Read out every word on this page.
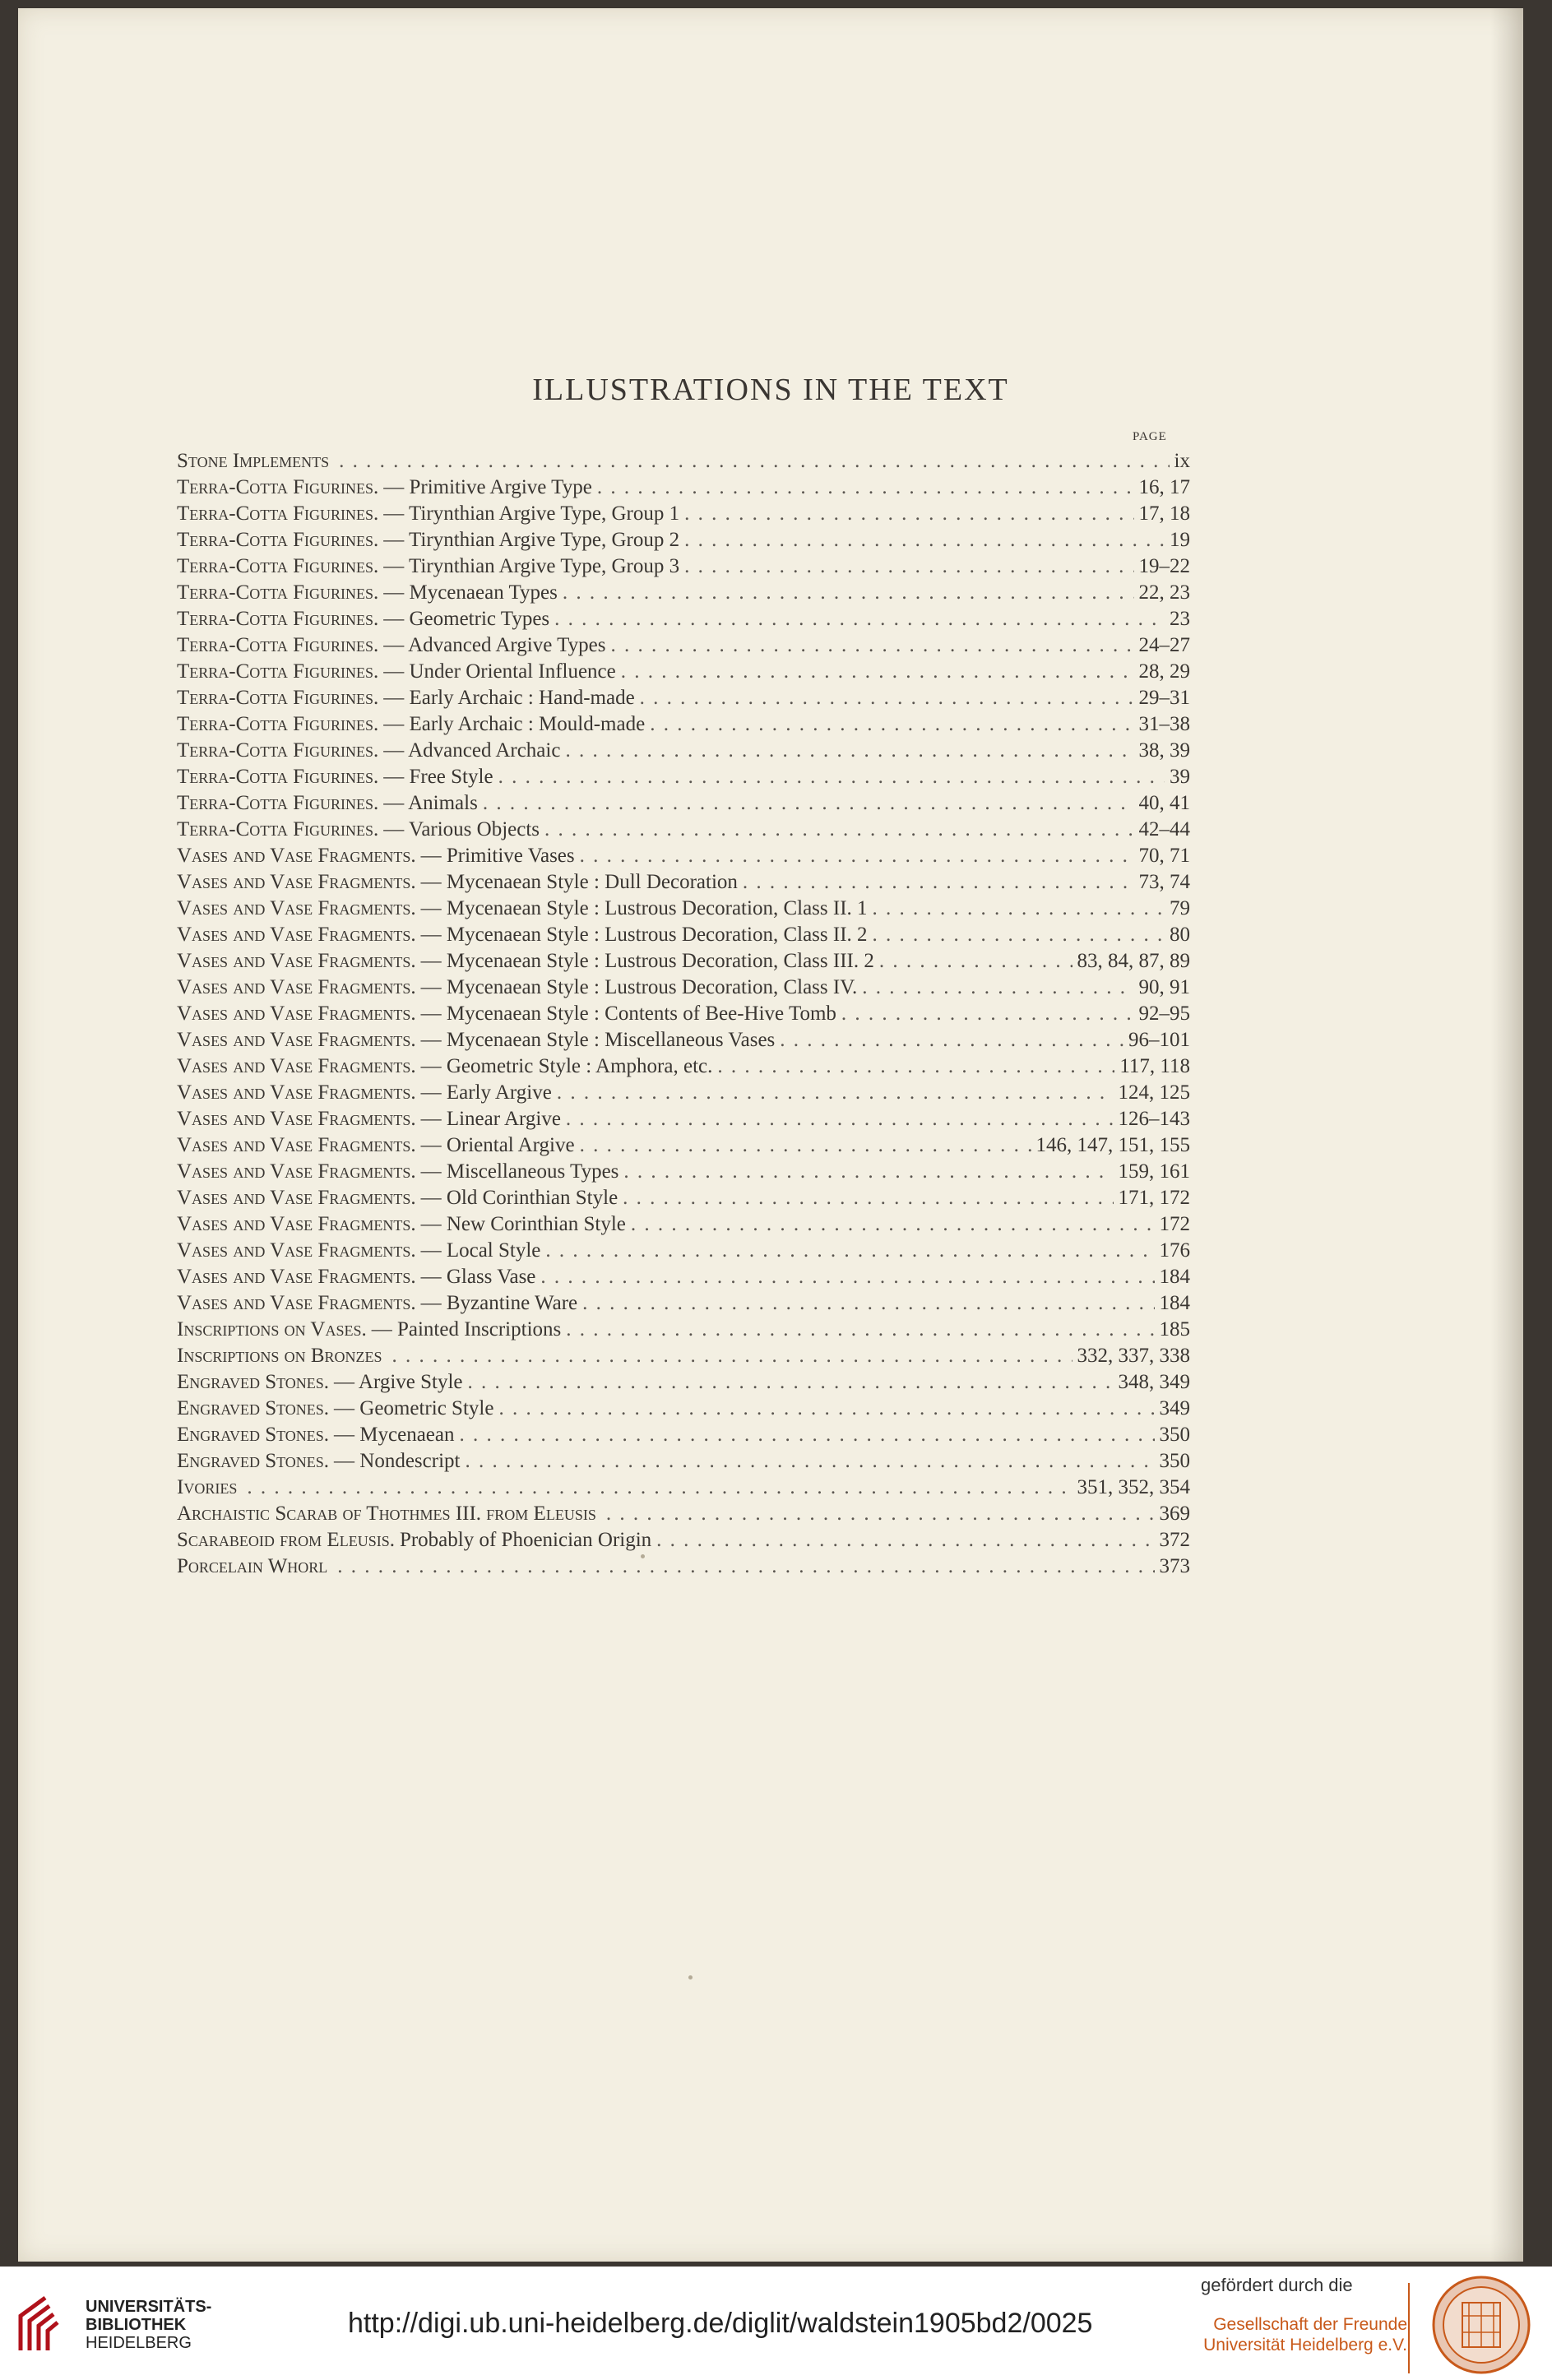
ILLUSTRATIONS IN THE TEXT
PAGE
Stone Implements . . .	ix
Terra-Cotta Figurines. — Primitive Argive Type . . .	16, 17
Terra-Cotta Figurines. — Tirynthian Argive Type, Group 1 . . .	17, 18
Terra-Cotta Figurines. — Tirynthian Argive Type, Group 2 . . .	19
Terra-Cotta Figurines. — Tirynthian Argive Type, Group 3 . . .	19–22
Terra-Cotta Figurines. — Mycenaean Types . . .	22, 23
Terra-Cotta Figurines. — Geometric Types . . .	23
Terra-Cotta Figurines. — Advanced Argive Types . . .	24–27
Terra-Cotta Figurines. — Under Oriental Influence . . .	28, 29
Terra-Cotta Figurines. — Early Archaic : Hand-made . . .	29–31
Terra-Cotta Figurines. — Early Archaic : Mould-made . . .	31–38
Terra-Cotta Figurines. — Advanced Archaic . . .	38, 39
Terra-Cotta Figurines. — Free Style . . .	39
Terra-Cotta Figurines. — Animals . . .	40, 41
Terra-Cotta Figurines. — Various Objects . . .	42–44
Vases and Vase Fragments. — Primitive Vases . . .	70, 71
Vases and Vase Fragments. — Mycenaean Style : Dull Decoration . . .	73, 74
Vases and Vase Fragments. — Mycenaean Style : Lustrous Decoration, Class II. 1 . . .	79
Vases and Vase Fragments. — Mycenaean Style : Lustrous Decoration, Class II. 2 . . .	80
Vases and Vase Fragments. — Mycenaean Style : Lustrous Decoration, Class III. 2 . . .	83, 84, 87, 89
Vases and Vase Fragments. — Mycenaean Style : Lustrous Decoration, Class IV. . . .	90, 91
Vases and Vase Fragments. — Mycenaean Style : Contents of Bee-Hive Tomb . . .	92–95
Vases and Vase Fragments. — Mycenaean Style : Miscellaneous Vases . . .	96–101
Vases and Vase Fragments. — Geometric Style : Amphora, etc. . . .	117, 118
Vases and Vase Fragments. — Early Argive . . .	124, 125
Vases and Vase Fragments. — Linear Argive . . .	126–143
Vases and Vase Fragments. — Oriental Argive . . .	146, 147, 151, 155
Vases and Vase Fragments. — Miscellaneous Types . . .	159, 161
Vases and Vase Fragments. — Old Corinthian Style . . .	171, 172
Vases and Vase Fragments. — New Corinthian Style . . .	172
Vases and Vase Fragments. — Local Style . . .	176
Vases and Vase Fragments. — Glass Vase . . .	184
Vases and Vase Fragments. — Byzantine Ware . . .	184
Inscriptions on Vases. — Painted Inscriptions . . .	185
Inscriptions on Bronzes . . .	332, 337, 338
Engraved Stones. — Argive Style . . .	348, 349
Engraved Stones. — Geometric Style . . .	349
Engraved Stones. — Mycenaean . . .	350
Engraved Stones. — Nondescript . . .	350
Ivories . . .	351, 352, 354
Archaistic Scarab of Thothmes III. from Eleusis . . .	369
Scarabeoid from Eleusis. Probably of Phoenician Origin . . .	372
Porcelain Whorl . . .	373
UNIVERSITÄTS-
BIBLIOTHEK
HEIDELBERG
http://digi.ub.uni-heidelberg.de/diglit/waldstein1905bd2/0025
gefördert durch die
Gesellschaft der Freunde
Universität Heidelberg e.V.
